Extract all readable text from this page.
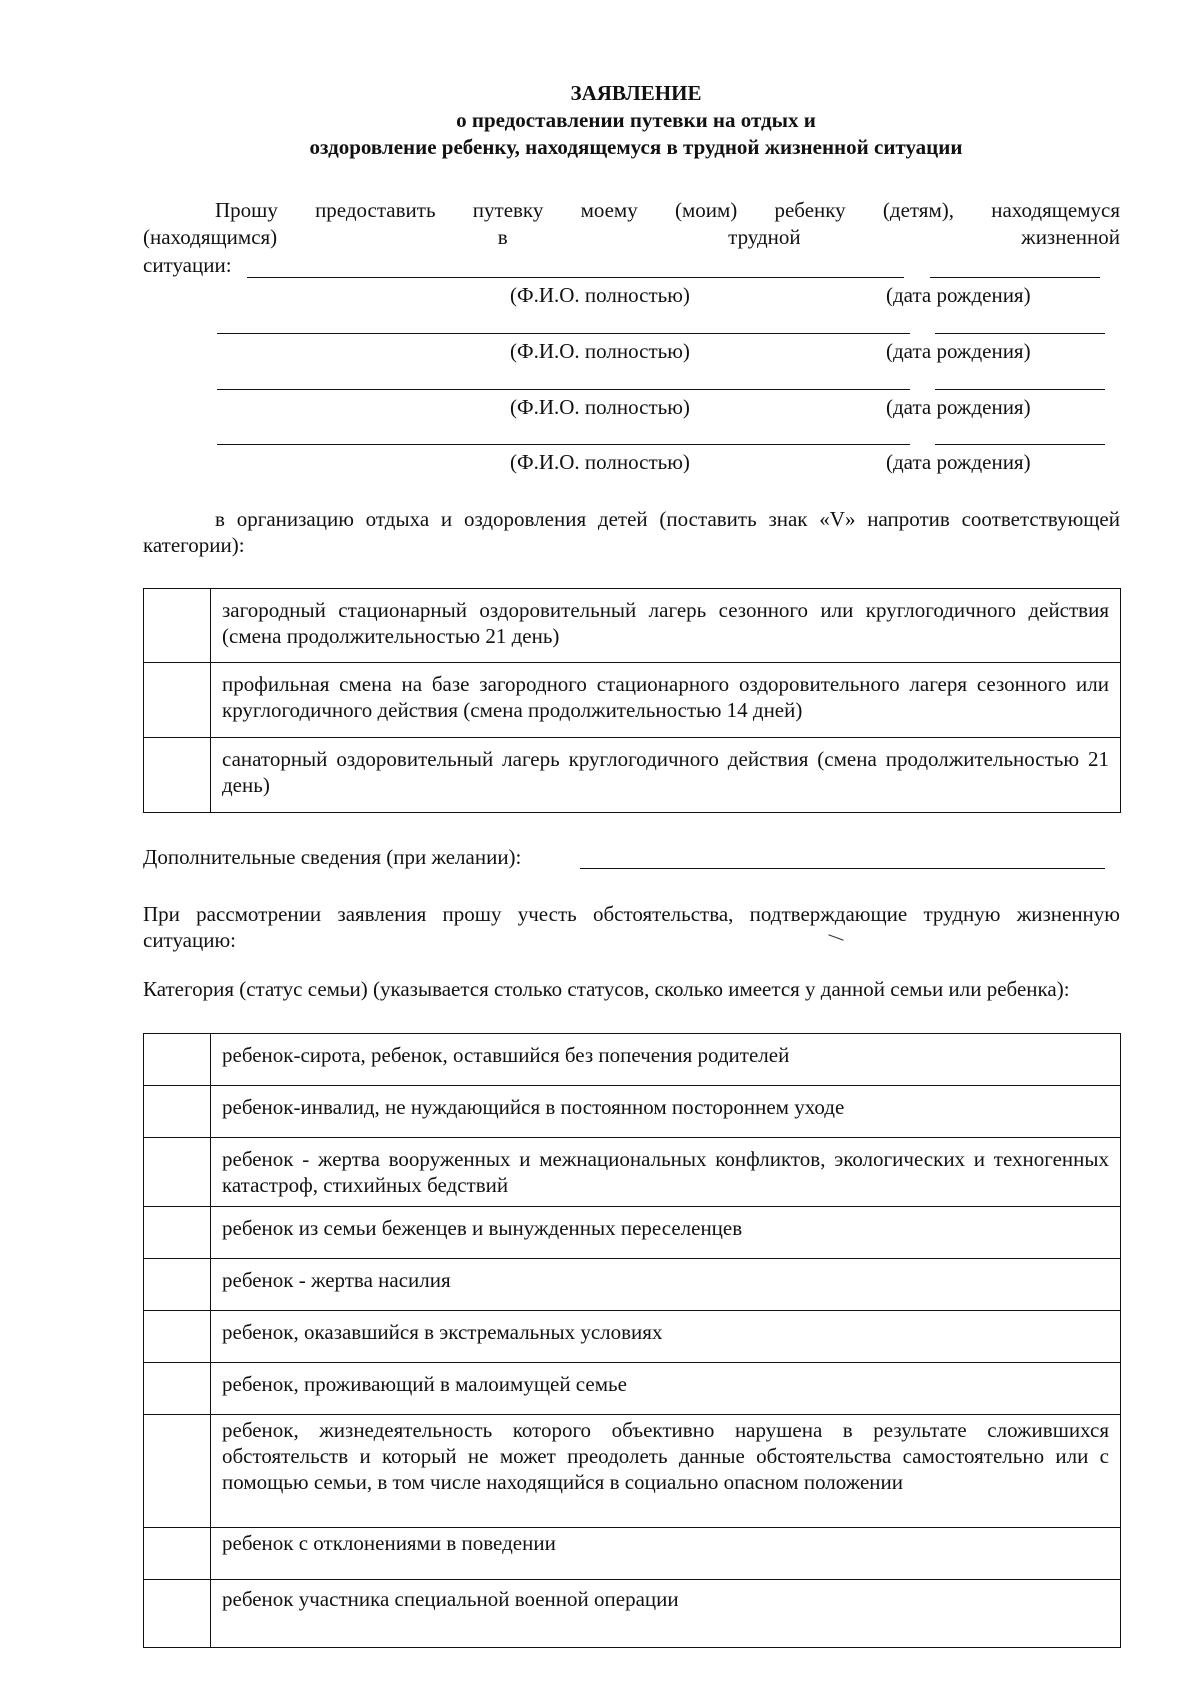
ЗАЯВЛЕНИЕ
о предоставлении путевки на отдых и
оздоровление ребенку, находящемуся в трудной жизненной ситуации
Прошу предоставить путевку моему (моим) ребенку (детям), находящемуся
(находящимся) в трудной жизненной
ситуации:
(Ф.И.О. полностью)	(дата рождения)
(Ф.И.О. полностью)	(дата рождения)
(Ф.И.О. полностью)	(дата рождения)
(Ф.И.О. полностью)	(дата рождения)
в организацию отдыха и оздоровления детей (поставить знак «V» напротив соответствующей категории):
	загородный стационарный оздоровительный лагерь сезонного или круглогодичного действия (смена продолжительностью 21 день)
	профильная смена на базе загородного стационарного оздоровительного лагеря сезонного или круглогодичного действия (смена продолжительностью 14 дней)
	санаторный оздоровительный лагерь круглогодичного действия (смена продолжительностью 21 день)
Дополнительные сведения (при желании):
При рассмотрении заявления прошу учесть обстоятельства, подтверждающие трудную жизненную ситуацию:
Категория (статус семьи) (указывается столько статусов, сколько имеется у данной семьи или ребенка):
	ребенок-сирота, ребенок, оставшийся без попечения родителей
	ребенок-инвалид, не нуждающийся в постоянном постороннем уходе
	ребенок - жертва вооруженных и межнациональных конфликтов, экологических и техногенных катастроф, стихийных бедствий
	ребенок из семьи беженцев и вынужденных переселенцев
	ребенок - жертва насилия
	ребенок, оказавшийся в экстремальных условиях
	ребенок, проживающий в малоимущей семье
	ребенок, жизнедеятельность которого объективно нарушена в результате сложившихся обстоятельств и который не может преодолеть данные обстоятельства самостоятельно или с помощью семьи, в том числе находящийся в социально опасном положении
	ребенок с отклонениями в поведении
	ребенок участника специальной военной операции
